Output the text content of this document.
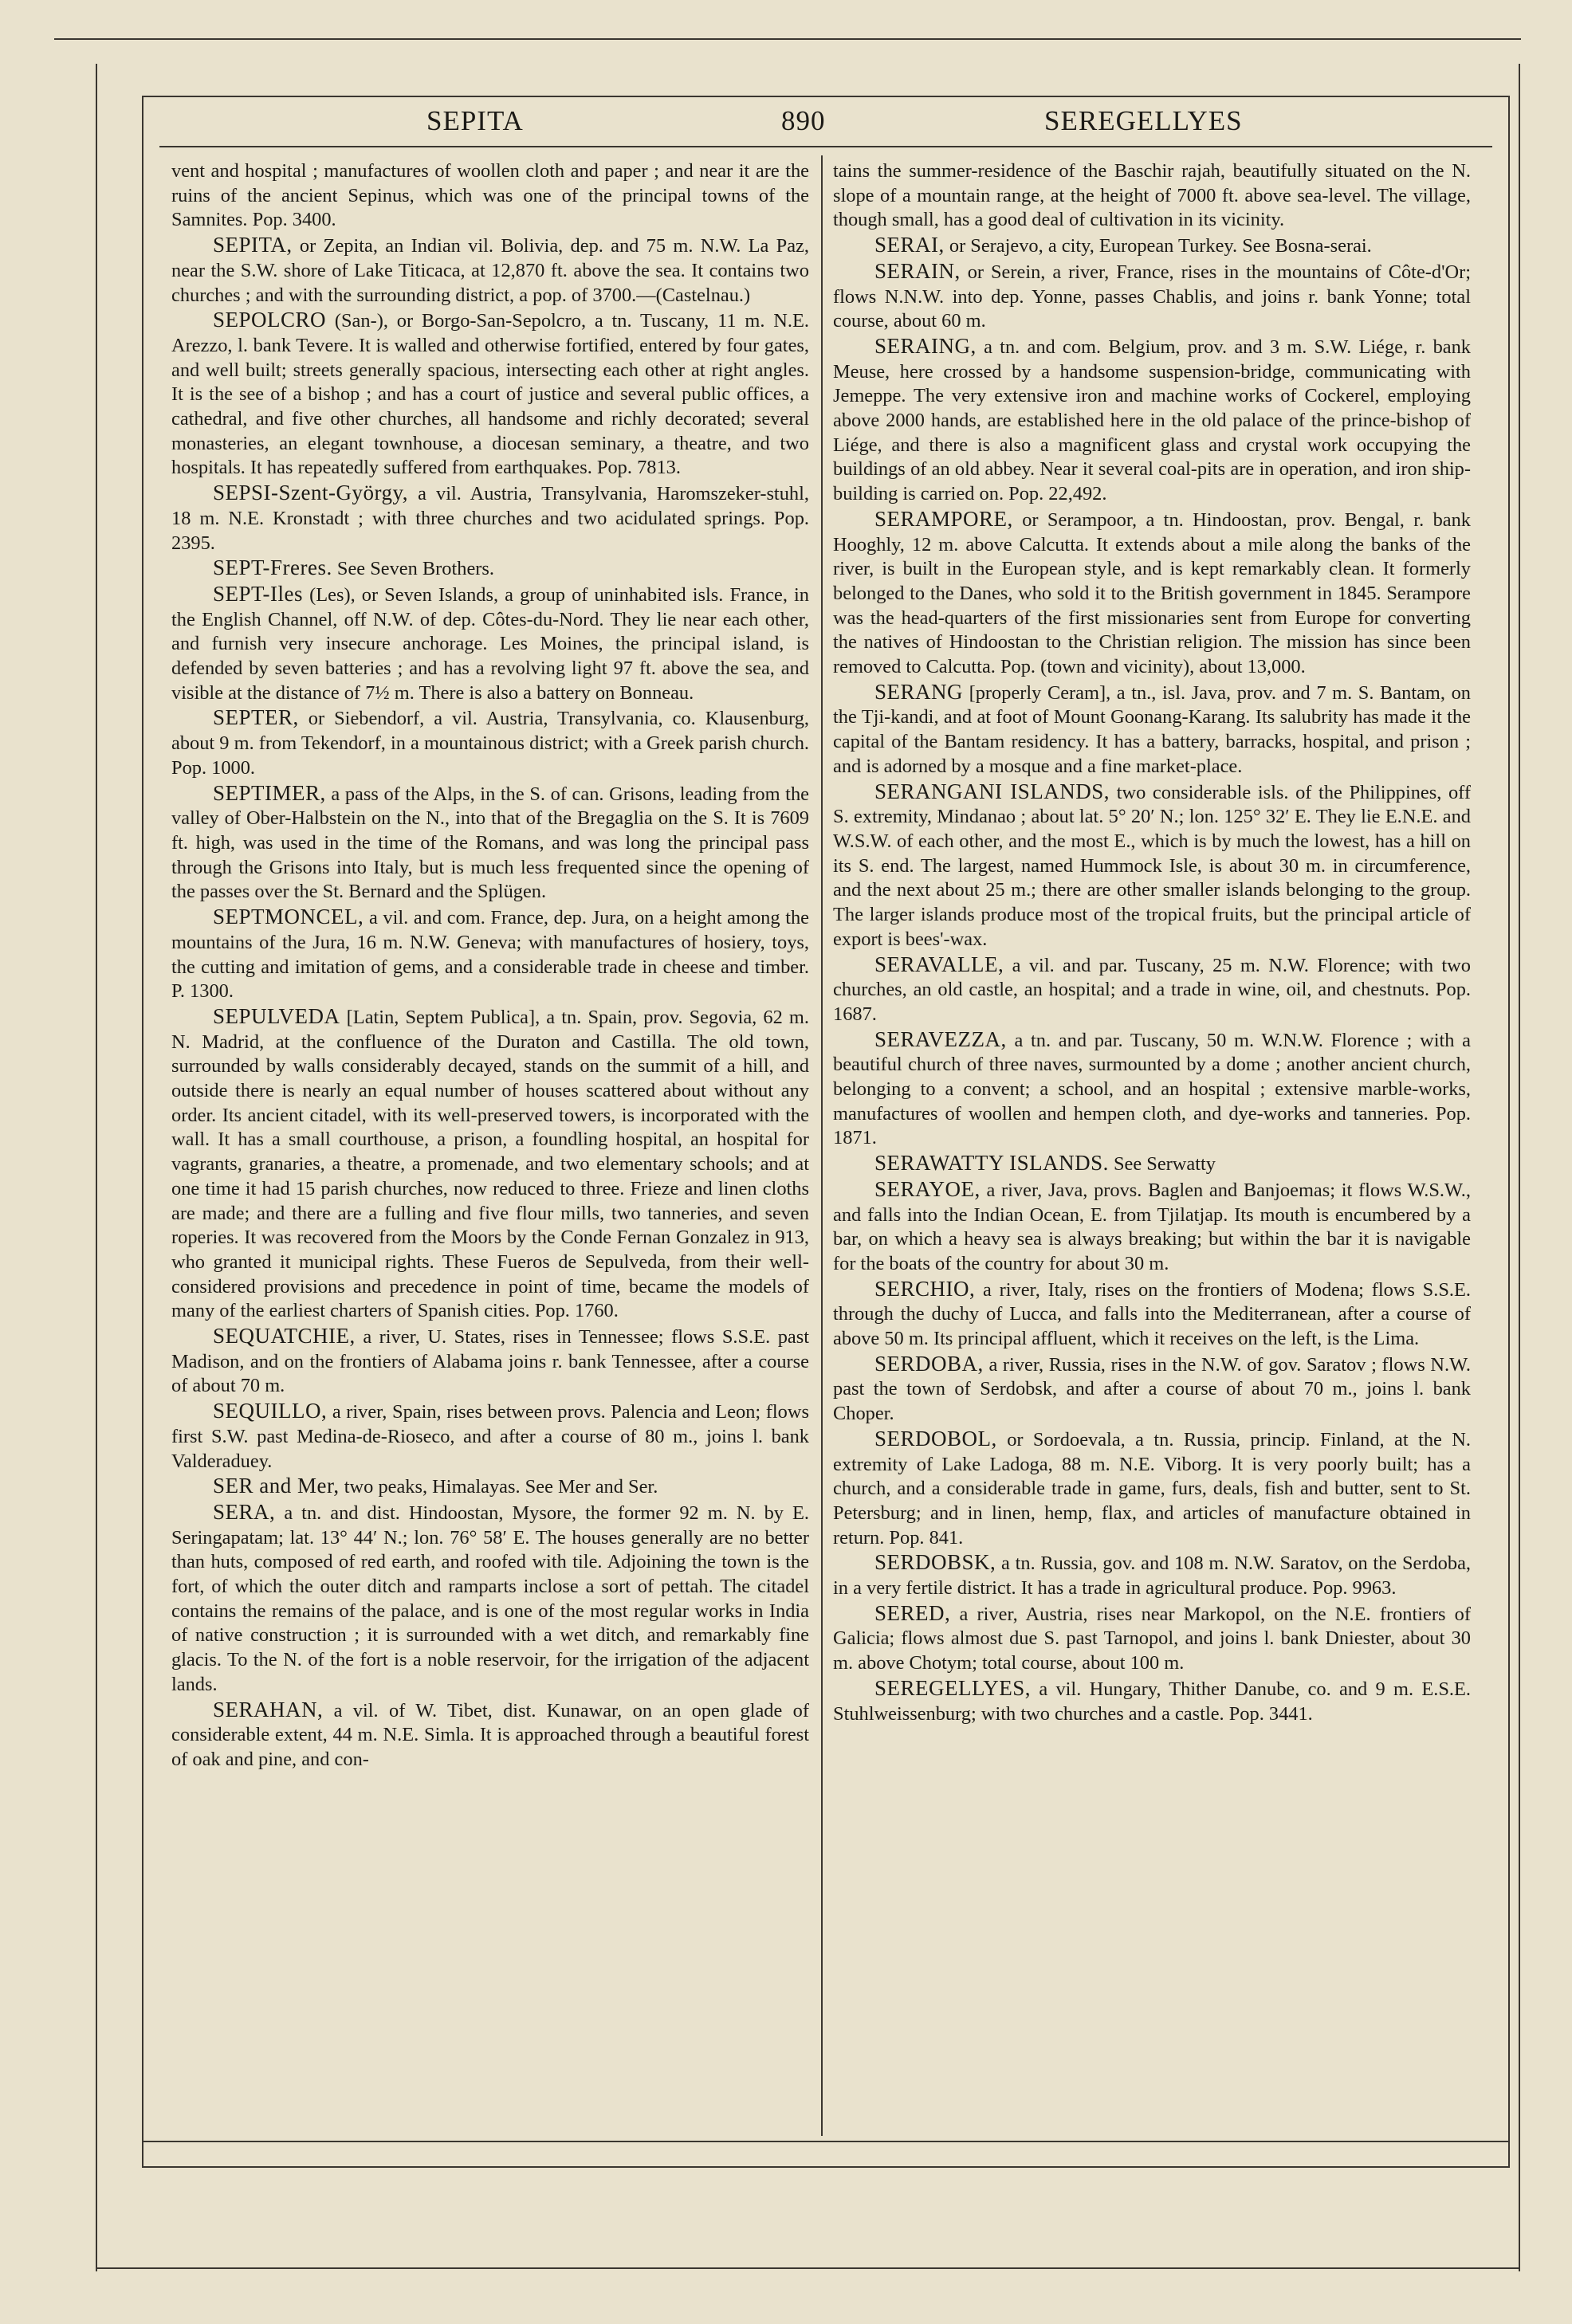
SEPITA	890	SEREGELLYES

vent and hospital ; manufactures of woollen cloth and paper ; and near it are the ruins of the ancient Sepinus, which was one of the principal towns of the Samnites. Pop. 3400.

SEPITA, or Zepita, an Indian vil. Bolivia, dep. and 75 m. N.W. La Paz, near the S.W. shore of Lake Titicaca, at 12,870 ft. above the sea. It contains two churches ; and with the surrounding district, a pop. of 3700.—(Castelnau.)

SEPOLCRO (San-), or Borgo-San-Sepolcro, a tn. Tuscany, 11 m. N.E. Arezzo, l. bank Tevere. It is walled and otherwise fortified, entered by four gates, and well built; streets generally spacious, intersecting each other at right angles. It is the see of a bishop ; and has a court of justice and several public offices, a cathedral, and five other churches, all handsome and richly decorated; several monasteries, an elegant townhouse, a diocesan seminary, a theatre, and two hospitals. It has repeatedly suffered from earthquakes. Pop. 7813.

SEPSI-Szent-György, a vil. Austria, Transylvania, Haromszeker-stuhl, 18 m. N.E. Kronstadt ; with three churches and two acidulated springs. Pop. 2395.

SEPT-Freres. See Seven Brothers.

SEPT-Iles (Les), or Seven Islands, a group of uninhabited isls. France, in the English Channel, off N.W. of dep. Côtes-du-Nord. They lie near each other, and furnish very insecure anchorage. Les Moines, the principal island, is defended by seven batteries ; and has a revolving light 97 ft. above the sea, and visible at the distance of 7½ m. There is also a battery on Bonneau.

SEPTER, or Siebendorf, a vil. Austria, Transylvania, co. Klausenburg, about 9 m. from Tekendorf, in a mountainous district; with a Greek parish church. Pop. 1000.

SEPTIMER, a pass of the Alps, in the S. of can. Grisons, leading from the valley of Ober-Halbstein on the N., into that of the Bregaglia on the S. It is 7609 ft. high, was used in the time of the Romans, and was long the principal pass through the Grisons into Italy, but is much less frequented since the opening of the passes over the St. Bernard and the Splügen.

SEPTMONCEL, a vil. and com. France, dep. Jura, on a height among the mountains of the Jura, 16 m. N.W. Geneva; with manufactures of hosiery, toys, the cutting and imitation of gems, and a considerable trade in cheese and timber. P. 1300.

SEPULVEDA [Latin, Septem Publica], a tn. Spain, prov. Segovia, 62 m. N. Madrid, at the confluence of the Duraton and Castilla. The old town, surrounded by walls considerably decayed, stands on the summit of a hill, and outside there is nearly an equal number of houses scattered about without any order. Its ancient citadel, with its well-preserved towers, is incorporated with the wall. It has a small courthouse, a prison, a foundling hospital, an hospital for vagrants, granaries, a theatre, a promenade, and two elementary schools; and at one time it had 15 parish churches, now reduced to three. Frieze and linen cloths are made; and there are a fulling and five flour mills, two tanneries, and seven roperies. It was recovered from the Moors by the Conde Fernan Gonzalez in 913, who granted it municipal rights. These Fueros de Sepulveda, from their well-considered provisions and precedence in point of time, became the models of many of the earliest charters of Spanish cities. Pop. 1760.

SEQUATCHIE, a river, U. States, rises in Tennessee; flows S.S.E. past Madison, and on the frontiers of Alabama joins r. bank Tennessee, after a course of about 70 m.

SEQUILLO, a river, Spain, rises between provs. Palencia and Leon; flows first S.W. past Medina-de-Rioseco, and after a course of 80 m., joins l. bank Valderaduey.

SER and Mer, two peaks, Himalayas. See Mer and Ser.

SERA, a tn. and dist. Hindoostan, Mysore, the former 92 m. N. by E. Seringapatam; lat. 13° 44′ N.; lon. 76° 58′ E. The houses generally are no better than huts, composed of red earth, and roofed with tile. Adjoining the town is the fort, of which the outer ditch and ramparts inclose a sort of pettah. The citadel contains the remains of the palace, and is one of the most regular works in India of native construction ; it is surrounded with a wet ditch, and remarkably fine glacis. To the N. of the fort is a noble reservoir, for the irrigation of the adjacent lands.

SERAHAN, a vil. of W. Tibet, dist. Kunawar, on an open glade of considerable extent, 44 m. N.E. Simla. It is approached through a beautiful forest of oak and pine, and con-

tains the summer-residence of the Baschir rajah, beautifully situated on the N. slope of a mountain range, at the height of 7000 ft. above sea-level. The village, though small, has a good deal of cultivation in its vicinity.

SERAI, or Serajevo, a city, European Turkey. See Bosna-serai.

SERAIN, or Serein, a river, France, rises in the mountains of Côte-d'Or; flows N.N.W. into dep. Yonne, passes Chablis, and joins r. bank Yonne; total course, about 60 m.

SERAING, a tn. and com. Belgium, prov. and 3 m. S.W. Liége, r. bank Meuse, here crossed by a handsome suspension-bridge, communicating with Jemeppe. The very extensive iron and machine works of Cockerel, employing above 2000 hands, are established here in the old palace of the prince-bishop of Liége, and there is also a magnificent glass and crystal work occupying the buildings of an old abbey. Near it several coal-pits are in operation, and iron ship-building is carried on. Pop. 22,492.

SERAMPORE, or Serampoor, a tn. Hindoostan, prov. Bengal, r. bank Hooghly, 12 m. above Calcutta. It extends about a mile along the banks of the river, is built in the European style, and is kept remarkably clean. It formerly belonged to the Danes, who sold it to the British government in 1845. Serampore was the head-quarters of the first missionaries sent from Europe for converting the natives of Hindoostan to the Christian religion. The mission has since been removed to Calcutta. Pop. (town and vicinity), about 13,000.

SERANG [properly Ceram], a tn., isl. Java, prov. and 7 m. S. Bantam, on the Tji-kandi, and at foot of Mount Goonang-Karang. Its salubrity has made it the capital of the Bantam residency. It has a battery, barracks, hospital, and prison ; and is adorned by a mosque and a fine market-place.

SERANGANI ISLANDS, two considerable isls. of the Philippines, off S. extremity, Mindanao ; about lat. 5° 20′ N.; lon. 125° 32′ E. They lie E.N.E. and W.S.W. of each other, and the most E., which is by much the lowest, has a hill on its S. end. The largest, named Hummock Isle, is about 30 m. in circumference, and the next about 25 m.; there are other smaller islands belonging to the group. The larger islands produce most of the tropical fruits, but the principal article of export is bees'-wax.

SERAVALLE, a vil. and par. Tuscany, 25 m. N.W. Florence; with two churches, an old castle, an hospital; and a trade in wine, oil, and chestnuts. Pop. 1687.

SERAVEZZA, a tn. and par. Tuscany, 50 m. W.N.W. Florence ; with a beautiful church of three naves, surmounted by a dome ; another ancient church, belonging to a convent; a school, and an hospital ; extensive marble-works, manufactures of woollen and hempen cloth, and dye-works and tanneries. Pop. 1871.

SERAWATTY ISLANDS. See Serwatty

SERAYOE, a river, Java, provs. Baglen and Banjoemas; it flows W.S.W., and falls into the Indian Ocean, E. from Tjilatjap. Its mouth is encumbered by a bar, on which a heavy sea is always breaking; but within the bar it is navigable for the boats of the country for about 30 m.

SERCHIO, a river, Italy, rises on the frontiers of Modena; flows S.S.E. through the duchy of Lucca, and falls into the Mediterranean, after a course of above 50 m. Its principal affluent, which it receives on the left, is the Lima.

SERDOBA, a river, Russia, rises in the N.W. of gov. Saratov ; flows N.W. past the town of Serdobsk, and after a course of about 70 m., joins l. bank Choper.

SERDOBOL, or Sordoevala, a tn. Russia, princip. Finland, at the N. extremity of Lake Ladoga, 88 m. N.E. Viborg. It is very poorly built; has a church, and a considerable trade in game, furs, deals, fish and butter, sent to St. Petersburg; and in linen, hemp, flax, and articles of manufacture obtained in return. Pop. 841.

SERDOBSK, a tn. Russia, gov. and 108 m. N.W. Saratov, on the Serdoba, in a very fertile district. It has a trade in agricultural produce. Pop. 9963.

SERED, a river, Austria, rises near Markopol, on the N.E. frontiers of Galicia; flows almost due S. past Tarnopol, and joins l. bank Dniester, about 30 m. above Chotym; total course, about 100 m.

SEREGELLYES, a vil. Hungary, Thither Danube, co. and 9 m. E.S.E. Stuhlweissenburg; with two churches and a castle. Pop. 3441.
